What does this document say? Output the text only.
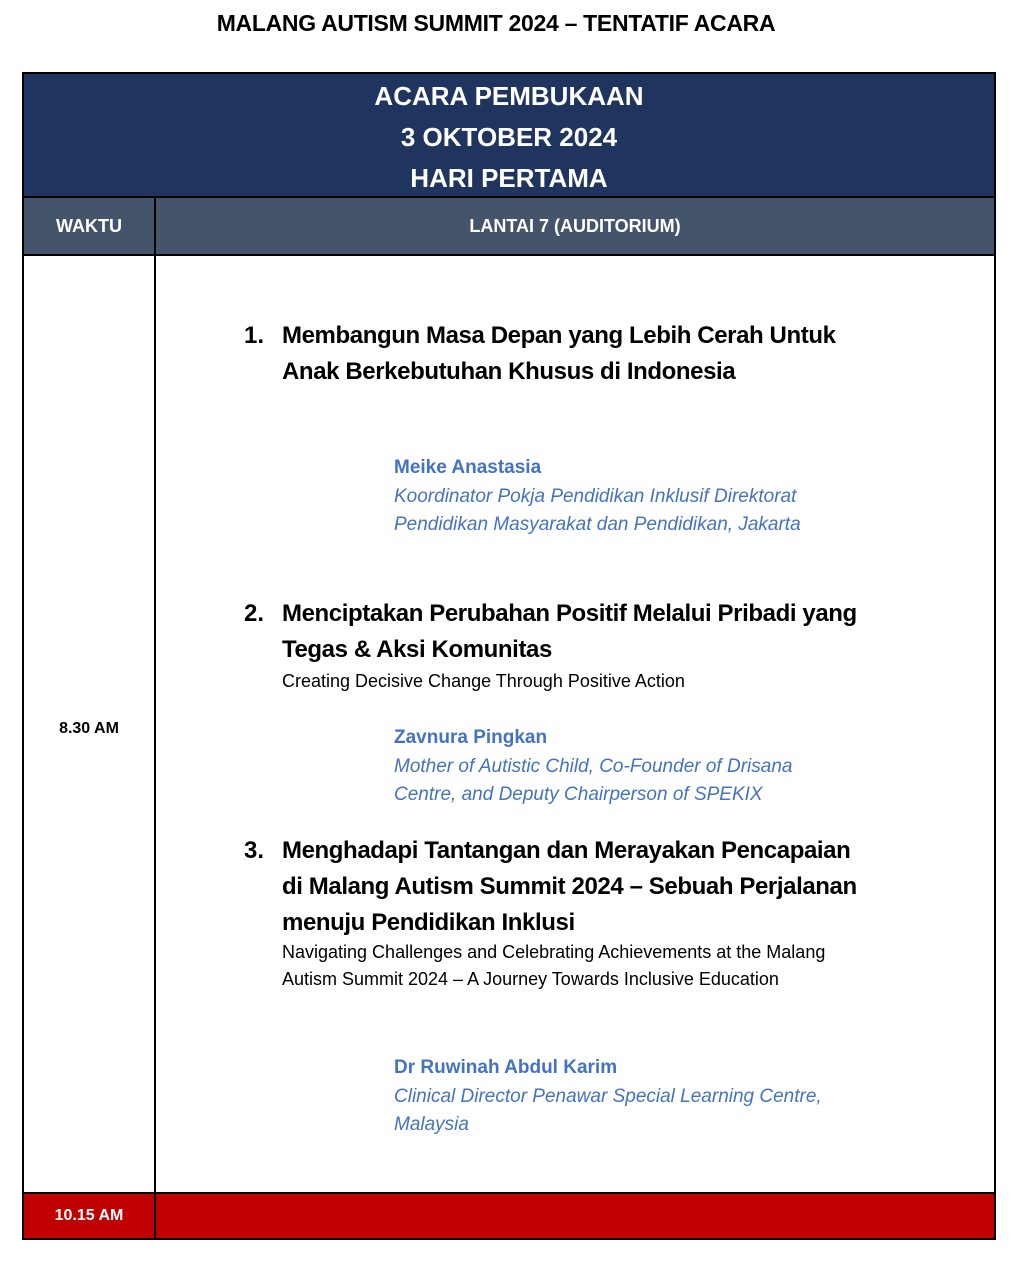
MALANG AUTISM SUMMIT 2024 – TENTATIF ACARA
ACARA PEMBUKAAN
3 OKTOBER 2024
HARI PERTAMA
WAKTU	LANTAI 7 (AUDITORIUM)
8.30 AM
1. Membangun Masa Depan yang Lebih Cerah Untuk Anak Berkebutuhan Khusus di Indonesia
Meike Anastasia
Koordinator Pokja Pendidikan Inklusif Direktorat Pendidikan Masyarakat dan Pendidikan, Jakarta
2. Menciptakan Perubahan Positif Melalui Pribadi yang Tegas & Aksi Komunitas
Creating Decisive Change Through Positive Action
Zavnura Pingkan
Mother of Autistic Child, Co-Founder of Drisana Centre, and Deputy Chairperson of SPEKIX
3. Menghadapi Tantangan dan Merayakan Pencapaian di Malang Autism Summit 2024 – Sebuah Perjalanan menuju Pendidikan Inklusi
Navigating Challenges and Celebrating Achievements at the Malang Autism Summit 2024 – A Journey Towards Inclusive Education
Dr Ruwinah Abdul Karim
Clinical Director Penawar Special Learning Centre, Malaysia
10.15 AM
